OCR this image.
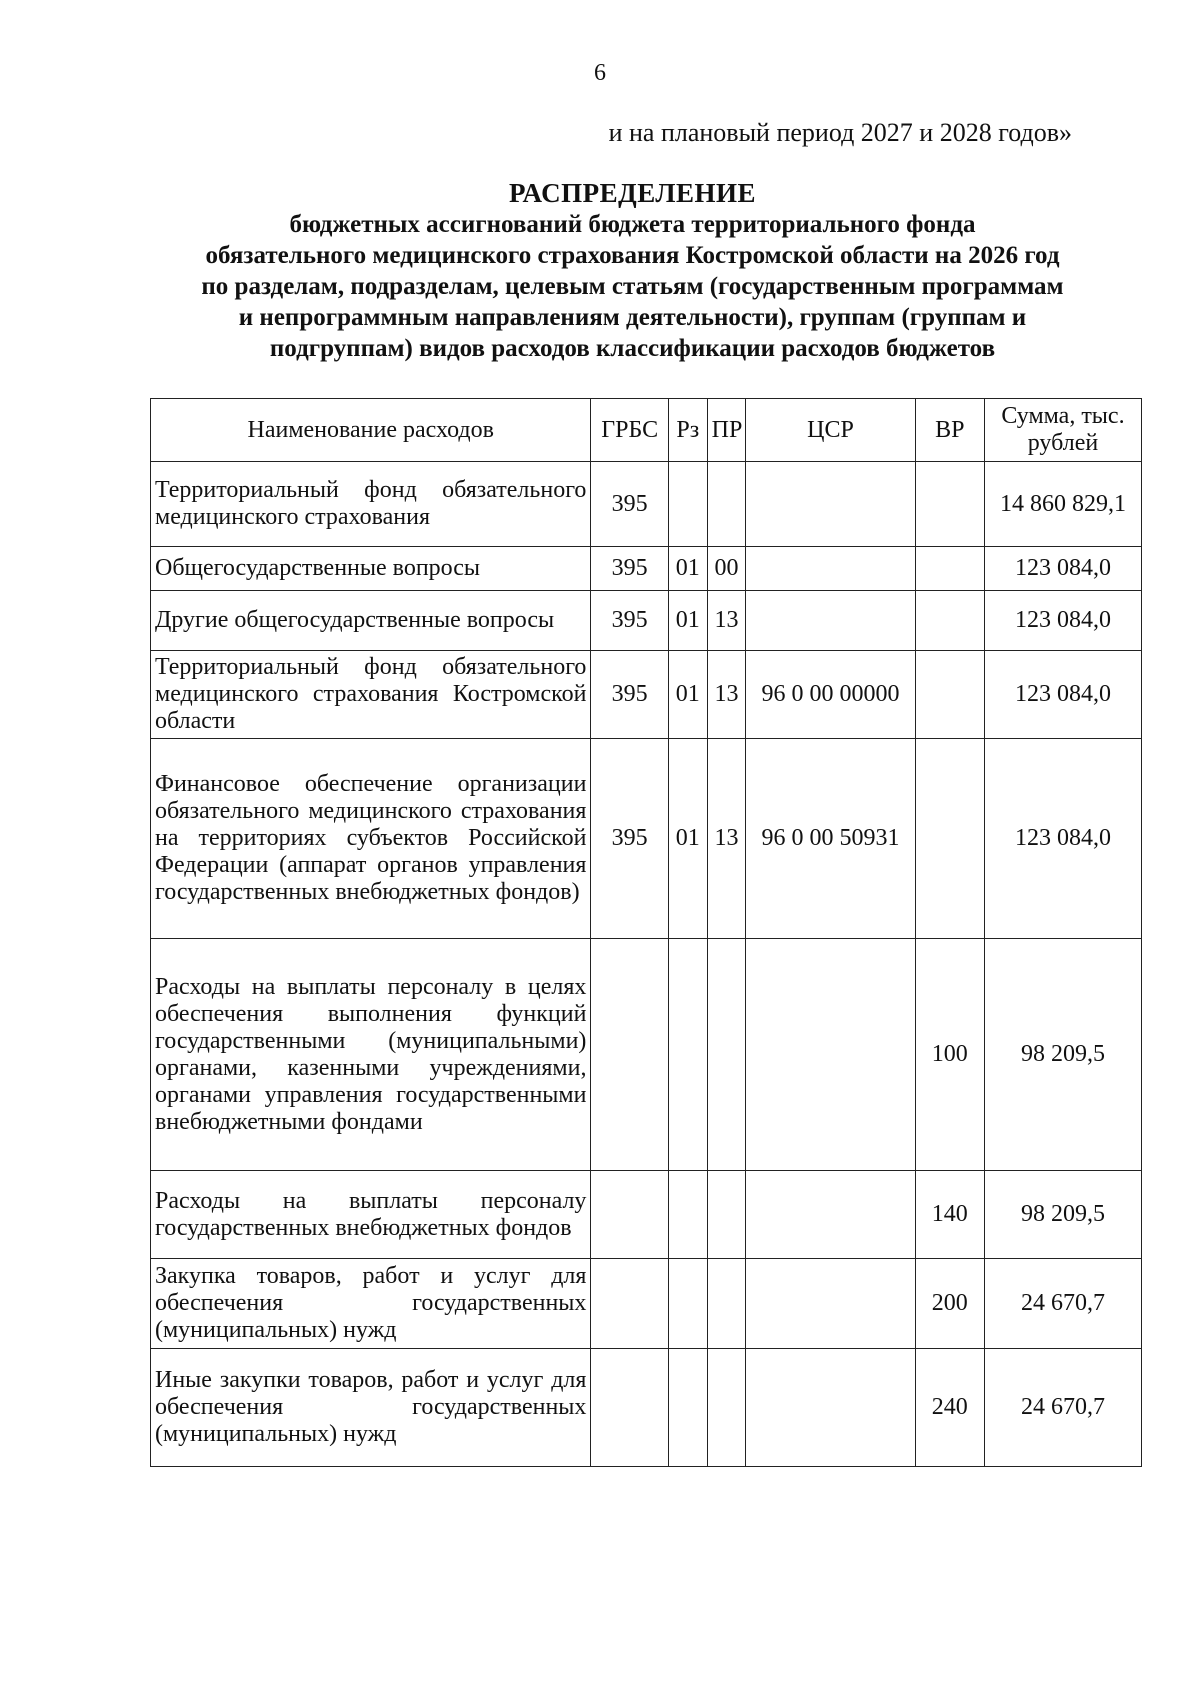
6
и на плановый период 2027 и 2028 годов»
РАСПРЕДЕЛЕНИЕ
бюджетных ассигнований бюджета территориального фонда
обязательного медицинского страхования Костромской области на 2026 год
по разделам, подразделам, целевым статьям (государственным программам
и непрограммным направлениям деятельности), группам (группам и
подгруппам) видов расходов классификации расходов бюджетов
Наименование расходов	ГРБС	Рз	ПР	ЦСР	ВР	Сумма, тыс. рублей
Территориальный фонд обязательного медицинского страхования	395					14 860 829,1
Общегосударственные вопросы	395	01	00			123 084,0
Другие общегосударственные вопросы	395	01	13			123 084,0
Территориальный фонд обязательного медицинского страхования Костромской области	395	01	13	96 0 00 00000		123 084,0
Финансовое обеспечение организации обязательного медицинского страхования на территориях субъектов Российской Федерации (аппарат органов управления государственных внебюджетных фондов)	395	01	13	96 0 00 50931		123 084,0
Расходы на выплаты персоналу в целях обеспечения выполнения функций государственными (муниципальными) органами, казенными учреждениями, органами управления государственными внебюджетными фондами					100	98 209,5
Расходы на выплаты персоналу государственных внебюджетных фондов					140	98 209,5
Закупка товаров, работ и услуг для обеспечения государственных (муниципальных) нужд					200	24 670,7
Иные закупки товаров, работ и услуг для обеспечения государственных (муниципальных) нужд					240	24 670,7
